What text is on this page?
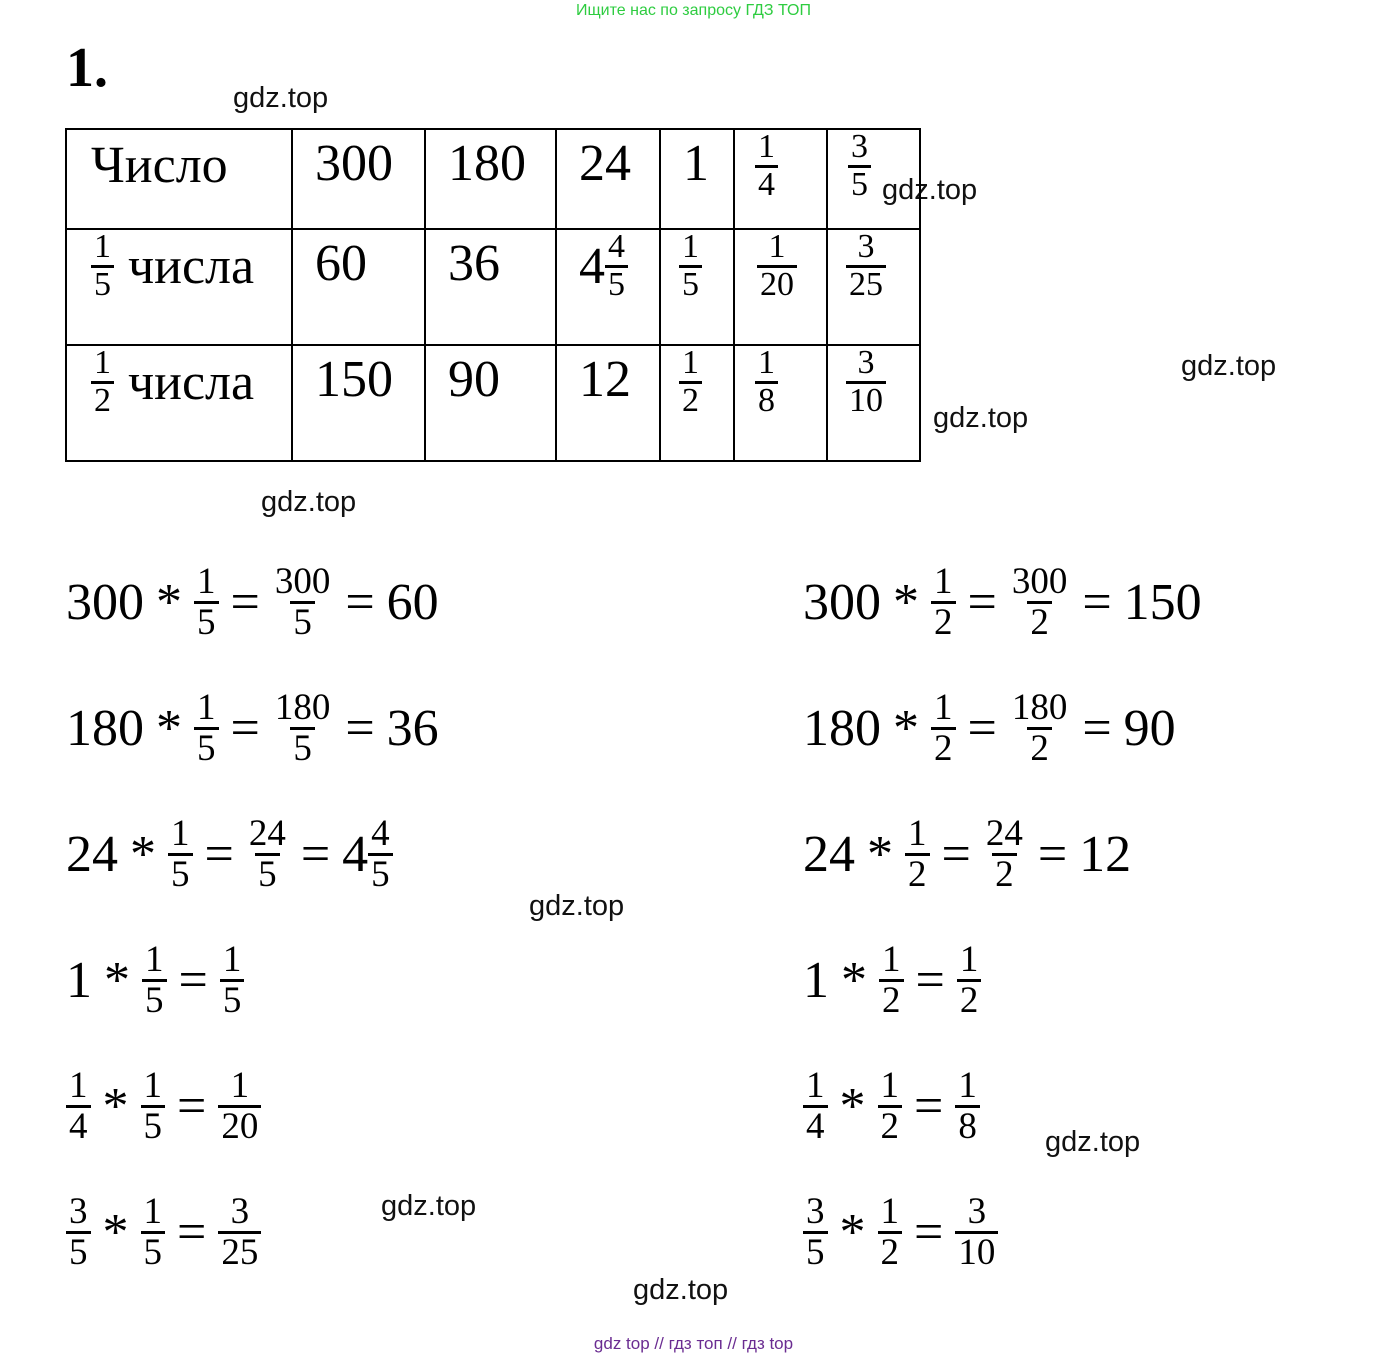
Ищите нас по запросу ГДЗ ТОП
1.	gdz.top
gdz.top
gdz.top
gdz.top
gdz.top
gdz.top
gdz.top
gdz.top
gdz.top
Число	300	180	24	1	$\frac{1}{4}$	$\frac{3}{5}$

$\frac{1}{5}$ числа	60	36	$4 \frac{4}{5}$	$\frac{1}{5}$	$\frac{1}{20}$	$\frac{3}{25}$

$\frac{1}{2}$ числа	150	90	12	$\frac{1}{2}$	$\frac{1}{8}$	$\frac{3}{10}$
$300 * \frac{1}{5} = \frac{300}{5} = 60$
$180 * \frac{1}{5} = \frac{180}{5} = 36$
$24 * \frac{1}{5} = \frac{24}{5} = 4 \frac{4}{5}$
$1 * \frac{1}{5} = \frac{1}{5}$
$\frac{1}{4} * \frac{1}{5} = \frac{1}{20}$
$\frac{3}{5} * \frac{1}{5} = \frac{3}{25}$
$300 * \frac{1}{2} = \frac{300}{2} = 150$
$180 * \frac{1}{2} = \frac{180}{2} = 90$
$24 * \frac{1}{2} = \frac{24}{2} = 12$
$1 * \frac{1}{2} = \frac{1}{2}$
$\frac{1}{4} * \frac{1}{2} = \frac{1}{8}$
$\frac{3}{5} * \frac{1}{2} = \frac{3}{10}$
gdz top // гдз топ // гдз top
